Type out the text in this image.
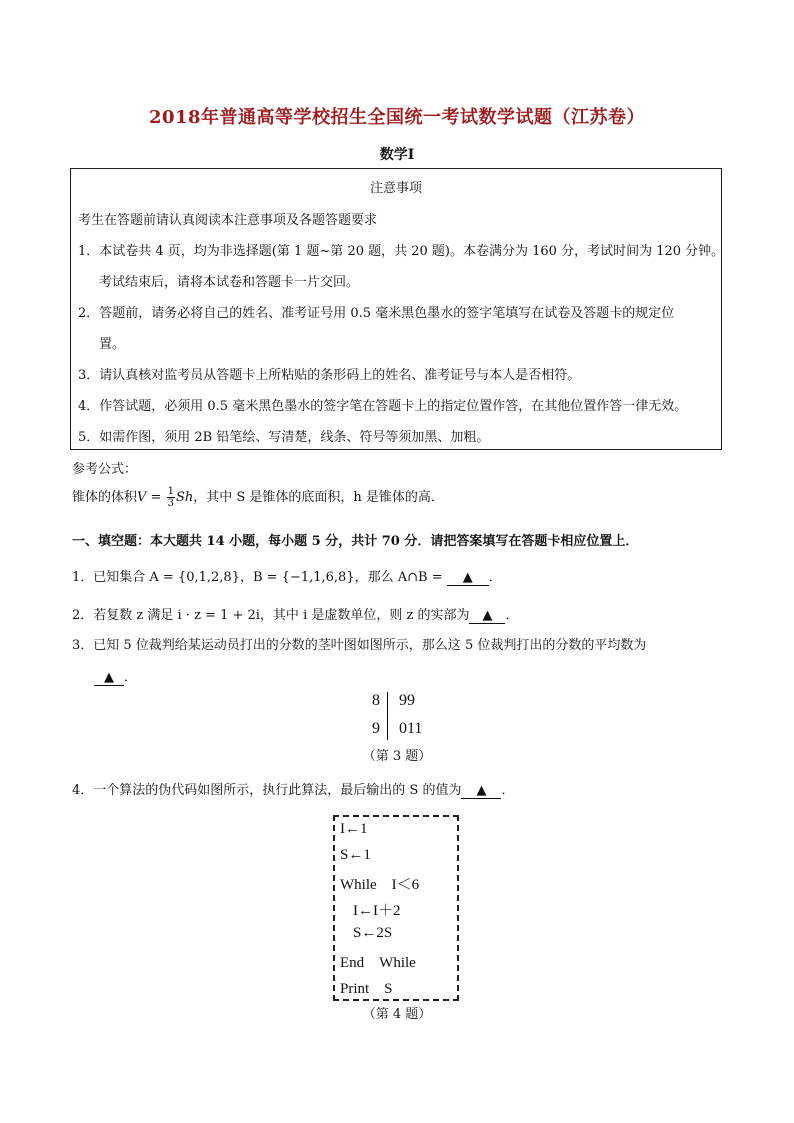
2018年普通高等学校招生全国统一考试数学试题（江苏卷）
数学Ⅰ
注意事项
考生在答题前请认真阅读本注意事项及各题答题要求
1．本试卷共 4 页，均为非选择题(第 1 题~第 20 题，共 20 题)。本卷满分为 160 分，考试时间为 120 分钟。
考试结束后，请将本试卷和答题卡一片交回。
2．答题前，请务必将自己的姓名、准考证号用 0.5 毫米黑色墨水的签字笔填写在试卷及答题卡的规定位
置。
3．请认真核对监考员从答题卡上所粘贴的条形码上的姓名、准考证号与本人是否相符。
4．作答试题，必须用 0.5 毫米黑色墨水的签字笔在答题卡上的指定位置作答，在其他位置作答一律无效。
5．如需作图，须用 2B 铅笔绘、写清楚，线条、符号等须加黑、加粗。
参考公式：
锥体的体积$V = \frac{1}{3}$ Sh，其中 S 是锥体的底面积，h 是锥体的高．
一、填空题：本大题共 14 小题，每小题 5 分，共计 70 分．请把答案填写在答题卡相应位置上．
1．已知集合 A = {0,1,2,8}，B = {−1,1,6,8}，那么 A∩B = ▲ ．
2．若复数 z 满足 i · z = 1 + 2i，其中 i 是虚数单位，则 z 的实部为 ▲ ．
3．已知 5 位裁判给某运动员打出的分数的茎叶图如图所示，那么这 5 位裁判打出的分数的平均数为
▲ ．
8 99
9 011
（第 3 题）
4．一个算法的伪代码如图所示，执行此算法，最后输出的 S 的值为 ▲ ．
I←1
S←1
While　I＜6
I←I＋2
S←2S
End　While
Print　S
（第 4 题）
